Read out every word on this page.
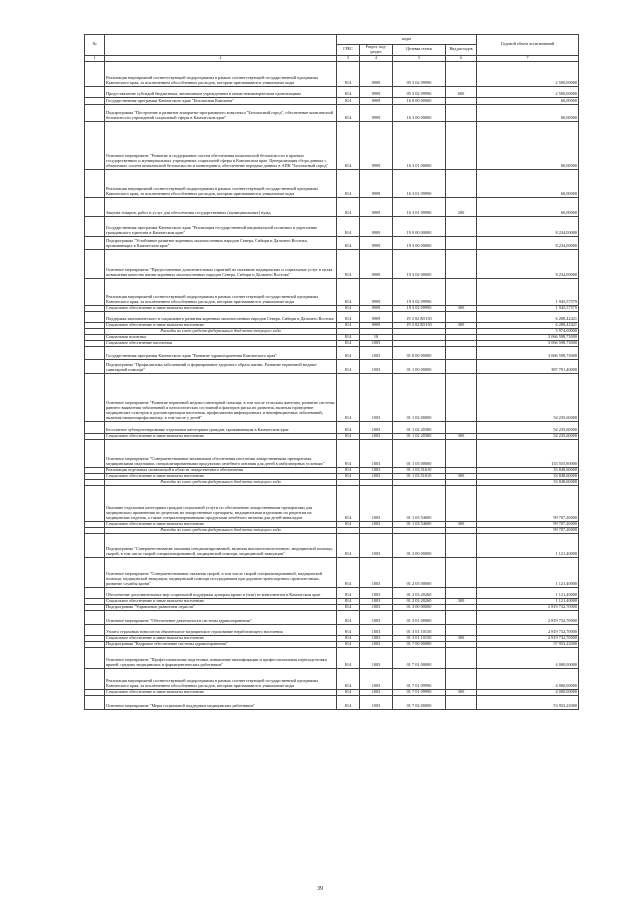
№		коды				Годовой объем ассигнований
		ГРБС	Раздел, под-раздел	Целевая статья	Вид расходов	
1	2	3	4	5	6	7
	Реализация мероприятий соответствующей подпрограммы в рамках соответствующей государственной программы Камчатского края, за исключением обособленных расходов, которым присваиваются уникальные коды	814	0909	05 3 02 09990		2 500,00000
	Предоставление субсидий бюджетным, автономным учреждениям и иным некоммерческим организациям	814	0909	05 3 02 09990	600	2 500,00000
	Государственная программа Камчатского края "Безопасная Камчатка"	814	0909	16 0 00 00000		60,00000
	Подпрограмма "Построение и развитие аппаратно-программного комплекса "Безопасный город", обеспечение комплексной безопасности учреждений социальной сферы в Камчатском крае"	814	0909	16 3 00 00000		60,00000
	Основное мероприятие "Развитие и поддержание систем обеспечения комплексной безопасности в краевых государственных и муниципальных учреждениях социальной сферы в Камчатском крае. Централизация сбора данных с объектовых систем комплексной безопасности и мониторинга, обеспечение передачи данных в АПК "Безопасный город"	814	0909	16 3 01 00000		60,00000
	Реализация мероприятий соответствующей подпрограммы в рамках соответствующей государственной программы Камчатского края, за исключением обособленных расходов, которым присваиваются уникальные коды	814	0909	16 3 01 09990		60,00000
	Закупка товаров, работ и услуг для обеспечения государственных (муниципальных) нужд	814	0909	16 3 01 09990	200	60,00000
	Государственная программа Камчатского края "Реализация государственной национальной политики и укрепление гражданского единства в Камчатском крае"	814	0909	19 0 00 00000		8 234,00000
	Подпрограмма "Устойчивое развитие коренных малочисленных народов Севера, Сибири и Дальнего Востока, проживающих в Камчатском крае"	814	0909	19 3 00 00000		8 234,00000
	Основное мероприятие "Предоставление дополнительных гарантий по оказанию медицинских и социальных услуг в целях повышения качества жизни коренных малочисленных народов Севера, Сибири и Дальнего Востока"	814	0909	19 3 02 00000		8 234,00000
	Реализация мероприятий соответствующей подпрограммы в рамках соответствующей государственной программы Камчатского края, за исключением обособленных расходов, которым присваиваются уникальные коды	814	0909	19 3 02 09990		1 945,57579
	Социальное обеспечение и иные выплаты населению	814	0909	19 3 02 09990	300	1 945,57579
	Поддержка экономического и социального развития коренных малочисленных народов Севера, Сибири и Дальнего Востока	814	0909	19 3 02 R5150		6 288,42421
	Социальное обеспечение и иные выплаты населению	814	0909	19 3 02 R5150	300	6 288,42421
	Расходы за счет средств федерального бюджета текущего года					5 974,00000
	Социальная политика	814	10			3 066 598,73000
	Социальное обеспечение населения	814	1003			3 066 598,73000
	Государственная программа Камчатского края "Развитие здравоохранения Камчатского края"	814	1003	01 0 00 00000		3 066 598,73000
	Подпрограмма "Профилактика заболеваний и формирование здорового образа жизни. Развитие первичной медико-санитарной помощи"	814	1003	01 1 00 00000		387 791,40000
	Основное мероприятие "Развитие первичной медико-санитарной помощи, в том числе сельским жителям, развитие системы раннего выявления заболеваний и патологических состояний и факторов риска их развития, включая проведение медицинских осмотров и диспансеризации населения, профилактика инфекционных и неинфекционных заболеваний, включая иммунопрофилактику, в том числе у детей"	814	1003	01 1 02 00000		54 235,60000
	Бесплатное зубопротезирование отдельным категориям граждан, проживающим в Камчатском крае	814	1003	01 1 02 20380		54 235,60000
	Социальное обеспечение и иные выплаты населению	814	1003	01 1 02 20380	300	54 235,60000
	Основное мероприятие "Совершенствование механизмов обеспечения населения лекарственными препаратами, медицинскими изделиями, специализированными продуктами лечебного питания для детей в амбулаторных условиях"	814	1003	01 1 03 00000		133 555,80000
	Реализация отдельных полномочий в области лекарственного обеспечения	814	1003	01 1 03 51610		33 848,60000
	Социальное обеспечение и иные выплаты населению	814	1003	01 1 03 51610	300	33 848,60000
	Расходы за счет средств федерального бюджета текущего года					33 848,60000
	Оказание отдельным категориям граждан социальной услуги по обеспечению лекарственными препаратами для медицинского применения по рецептам на лекарственные препараты, медицинскими изделиями по рецептам на медицинские изделия, а также специализированными продуктами лечебного питания для детей-инвалидов	814	1003	01 1 03 54600		99 707,20000
	Социальное обеспечение и иные выплаты населению	814	1003	01 1 03 54600	300	99 707,20000
	Расходы за счет средств федерального бюджета текущего года					99 707,20000
	Подпрограмма "Совершенствование оказания специализированной, включая высокотехнологичную, медицинской помощи, скорой, в том числе скорой специализированной, медицинской помощи, медицинской эвакуации"	814	1003	01 2 00 00000		1 121,40000
	Основное мероприятие "Совершенствование оказания скорой, в том числе скорой специализированной, медицинской помощи, медицинской эвакуации, медицинской помощи пострадавшим при дорожно-транспортных происшествиях, развитие службы крови"	814	1003	01 2 03 00000		1 121,40000
	Обеспечение дополнительных мер социальной поддержки донорам крови и (или) ее компонентов в Камчатском крае	814	1003	01 2 03 20260		1 121,40000
	Социальное обеспечение и иные выплаты населению	814	1003	01 2 03 20260	300	1 121,40000
	Подпрограмма "Управление развитием отрасли"	814	1003	01 3 00 00000		2 819 732,70000
	Основное мероприятие "Обеспечение деятельности системы здравоохранения"	814	1003	01 3 01 00000		2 819 732,70000
	Уплата страховых взносов на обязательное медицинское страхование неработающего населения	814	1003	01 3 01 10150		2 819 732,70000
	Социальное обеспечение и иные выплаты населению	814	1003	01 3 01 10150	300	2 819 732,70000
	Подпрограмма "Кадровое обеспечение системы здравоохранения"	814	1003	01 7 00 00000		57 953,23000
	Основное мероприятие "Профессиональная подготовка, повышение квалификации и профессиональная переподготовка врачей, средних медицинских и фармацевтических работников"	814	1003	01 7 01 00000		4 000,00000
	Реализация мероприятий соответствующей подпрограммы в рамках соответствующей государственной программы Камчатского края, за исключением обособленных расходов, которым присваиваются уникальные коды	814	1003	01 7 01 09990		4 000,00000
	Социальное обеспечение и иные выплаты населению	814	1003	01 7 01 09990	300	4 000,00000
	Основное мероприятие "Меры социальной поддержки медицинских работников"	814	1003	01 7 02 00000		53 953,23000
39
